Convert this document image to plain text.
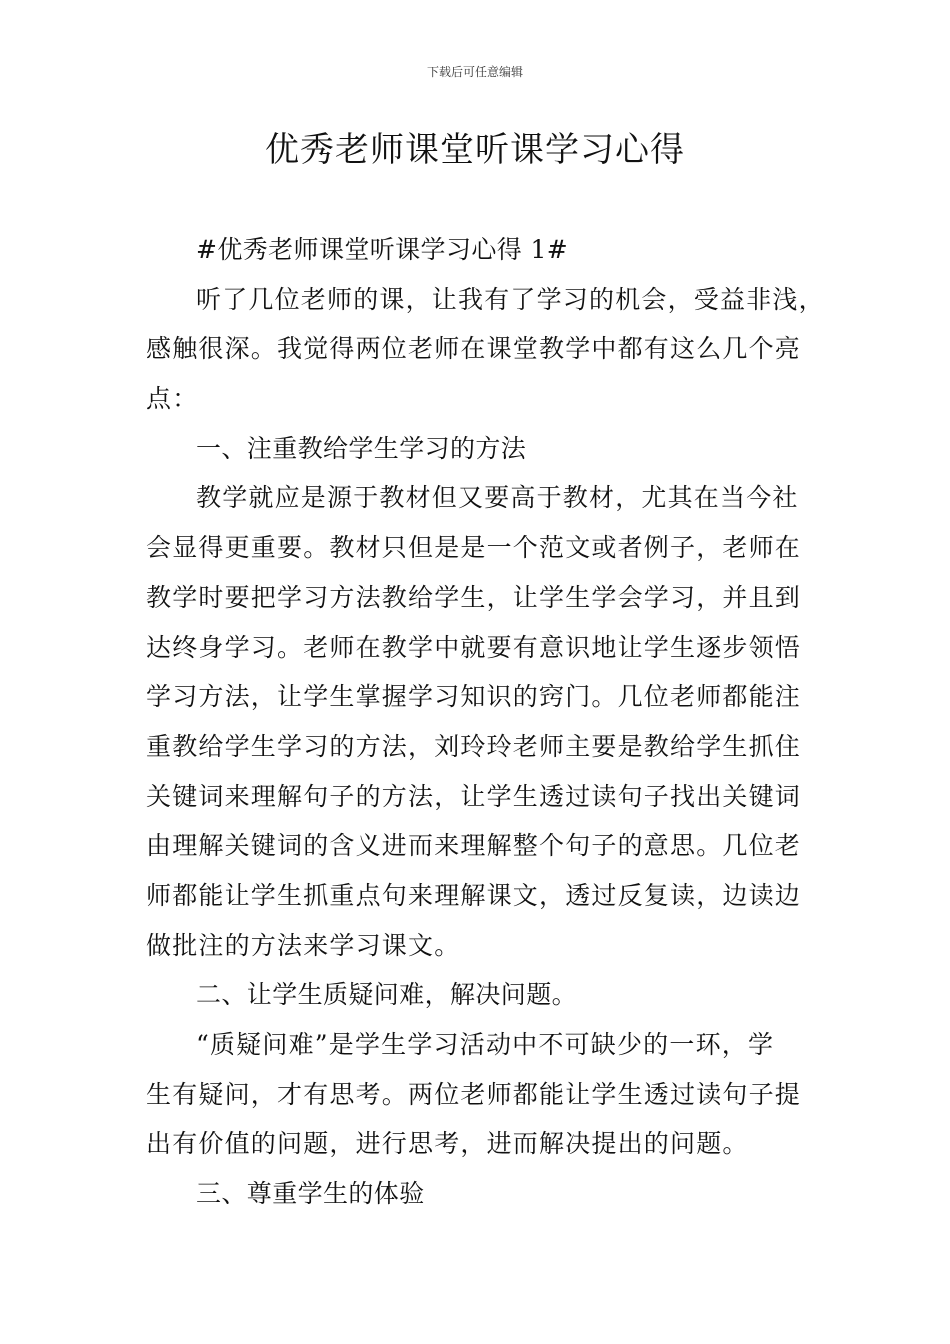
下载后可任意编辑
优秀老师课堂听课学习心得
#优秀老师课堂听课学习心得 1#
听了几位老师的课，让我有了学习的机会，受益非浅，
感触很深。我觉得两位老师在课堂教学中都有这么几个亮
点：
一、注重教给学生学习的方法
教学就应是源于教材但又要高于教材，尤其在当今社
会显得更重要。教材只但是是一个范文或者例子，老师在
教学时要把学习方法教给学生，让学生学会学习，并且到
达终身学习。老师在教学中就要有意识地让学生逐步领悟
学习方法，让学生掌握学习知识的窍门。几位老师都能注
重教给学生学习的方法，刘玲玲老师主要是教给学生抓住
关键词来理解句子的方法，让学生透过读句子找出关键词
由理解关键词的含义进而来理解整个句子的意思。几位老
师都能让学生抓重点句来理解课文，透过反复读，边读边
做批注的方法来学习课文。
二、让学生质疑问难，解决问题。
“质疑问难”是学生学习活动中不可缺少的一环，学
生有疑问，才有思考。两位老师都能让学生透过读句子提
出有价值的问题，进行思考，进而解决提出的问题。
三、尊重学生的体验
